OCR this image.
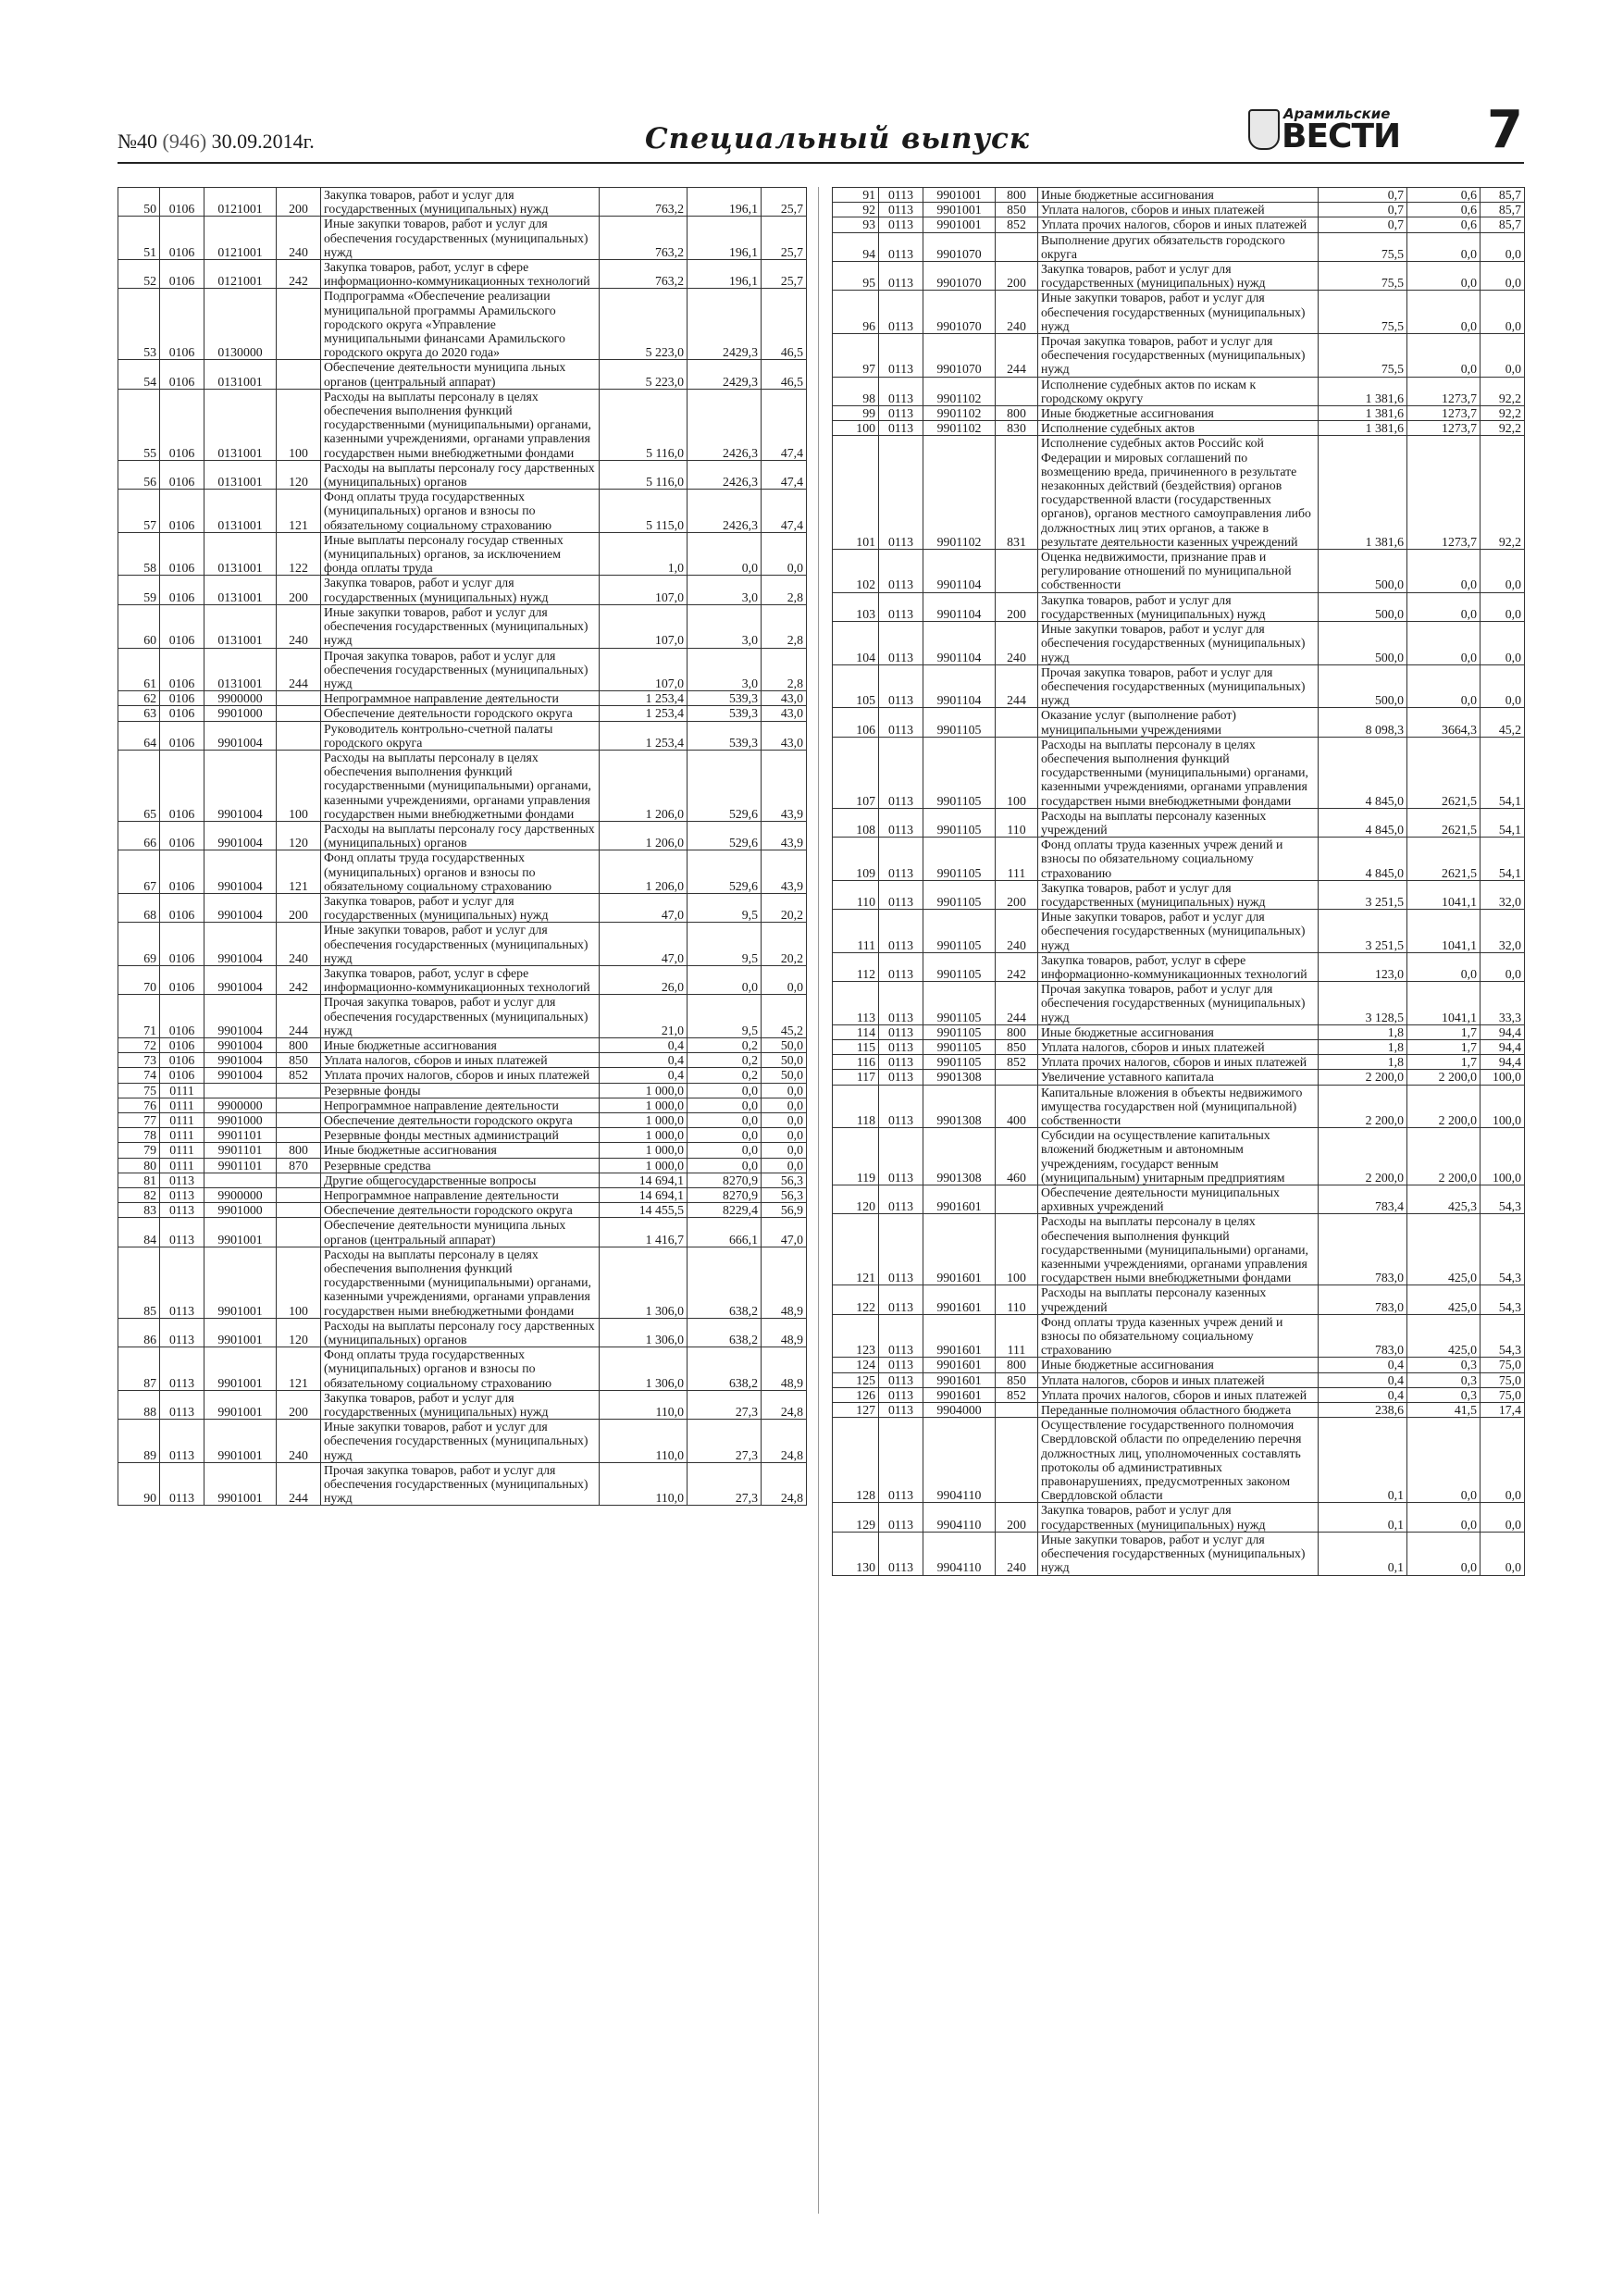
№40 (946) 30.09.2014г.	Специальный выпуск
Арамильские
ВЕСТИ 7
50	0106	0121001	200	Закупка товаров, работ и услуг для государственных (муниципальных) нужд	763,2	196,1	25,7
51	0106	0121001	240	Иные закупки товаров, работ и услуг для обеспечения государственных (муниципальных) нужд	763,2	196,1	25,7
52	0106	0121001	242	Закупка товаров, работ, услуг в сфере информационно-коммуникационных технологий	763,2	196,1	25,7
53	0106	0130000		Подпрограмма «Обеспечение реализации муниципальной программы Арамильского городского округа «Управление муниципальными финансами Арамильского городского округа до 2020 года»	5 223,0	2429,3	46,5
54	0106	0131001		Обеспечение деятельности муниципа льных органов (центральный аппарат)	5 223,0	2429,3	46,5
55	0106	0131001	100	Расходы на выплаты персоналу в целях обеспечения выполнения функций государственными (муниципальными) органами, казенными учреждениями, органами управления государствен ными внебюджетными фондами	5 116,0	2426,3	47,4
56	0106	0131001	120	Расходы на выплаты персоналу госу дарственных (муниципальных) органов	5 116,0	2426,3	47,4
57	0106	0131001	121	Фонд оплаты труда государственных (муниципальных) органов и взносы по обязательному социальному страхованию	5 115,0	2426,3	47,4
58	0106	0131001	122	Иные выплаты персоналу государ ственных (муниципальных) органов, за исключением фонда оплаты труда	1,0	0,0	0,0
59	0106	0131001	200	Закупка товаров, работ и услуг для государственных (муниципальных) нужд	107,0	3,0	2,8
60	0106	0131001	240	Иные закупки товаров, работ и услуг для обеспечения государственных (муниципальных) нужд	107,0	3,0	2,8
61	0106	0131001	244	Прочая закупка товаров, работ и услуг для обеспечения государственных (муниципальных) нужд	107,0	3,0	2,8
62	0106	9900000		Непрограммное направление деятельности	1 253,4	539,3	43,0
63	0106	9901000		Обеспечение деятельности городского округа	1 253,4	539,3	43,0
64	0106	9901004		Руководитель контрольно-счетной палаты городского округа	1 253,4	539,3	43,0
65	0106	9901004	100	Расходы на выплаты персоналу в целях обеспечения выполнения функций государственными (муниципальными) органами, казенными учреждениями, органами управления государствен ными внебюджетными фондами	1 206,0	529,6	43,9
66	0106	9901004	120	Расходы на выплаты персоналу госу дарственных (муниципальных) органов	1 206,0	529,6	43,9
67	0106	9901004	121	Фонд оплаты труда государственных (муниципальных) органов и взносы по обязательному социальному страхованию	1 206,0	529,6	43,9
68	0106	9901004	200	Закупка товаров, работ и услуг для государственных (муниципальных) нужд	47,0	9,5	20,2
69	0106	9901004	240	Иные закупки товаров, работ и услуг для обеспечения государственных (муниципальных) нужд	47,0	9,5	20,2
70	0106	9901004	242	Закупка товаров, работ, услуг в сфере информационно-коммуникационных технологий	26,0	0,0	0,0
71	0106	9901004	244	Прочая закупка товаров, работ и услуг для обеспечения государственных (муниципальных) нужд	21,0	9,5	45,2
72	0106	9901004	800	Иные бюджетные ассигнования	0,4	0,2	50,0
73	0106	9901004	850	Уплата налогов, сборов и иных платежей	0,4	0,2	50,0
74	0106	9901004	852	Уплата прочих налогов, сборов и иных платежей	0,4	0,2	50,0
75	0111			Резервные фонды	1 000,0	0,0	0,0
76	0111	9900000		Непрограммное направление деятельности	1 000,0	0,0	0,0
77	0111	9901000		Обеспечение деятельности городского округа	1 000,0	0,0	0,0
78	0111	9901101		Резервные фонды местных администраций	1 000,0	0,0	0,0
79	0111	9901101	800	Иные бюджетные ассигнования	1 000,0	0,0	0,0
80	0111	9901101	870	Резервные средства	1 000,0	0,0	0,0
81	0113			Другие общегосударственные вопросы	14 694,1	8270,9	56,3
82	0113	9900000		Непрограммное направление деятельности	14 694,1	8270,9	56,3
83	0113	9901000		Обеспечение деятельности городского округа	14 455,5	8229,4	56,9
84	0113	9901001		Обеспечение деятельности муниципа льных органов (центральный аппарат)	1 416,7	666,1	47,0
85	0113	9901001	100	Расходы на выплаты персоналу в целях обеспечения выполнения функций государственными (муниципальными) органами, казенными учреждениями, органами управления государствен ными внебюджетными фондами	1 306,0	638,2	48,9
86	0113	9901001	120	Расходы на выплаты персоналу госу дарственных (муниципальных) органов	1 306,0	638,2	48,9
87	0113	9901001	121	Фонд оплаты труда государственных (муниципальных) органов и взносы по обязательному социальному страхованию	1 306,0	638,2	48,9
88	0113	9901001	200	Закупка товаров, работ и услуг для государственных (муниципальных) нужд	110,0	27,3	24,8
89	0113	9901001	240	Иные закупки товаров, работ и услуг для обеспечения государственных (муниципальных) нужд	110,0	27,3	24,8
90	0113	9901001	244	Прочая закупка товаров, работ и услуг для обеспечения государственных (муниципальных) нужд	110,0	27,3	24,8
91	0113	9901001	800	Иные бюджетные ассигнования	0,7	0,6	85,7
92	0113	9901001	850	Уплата налогов, сборов и иных платежей	0,7	0,6	85,7
93	0113	9901001	852	Уплата прочих налогов, сборов и иных платежей	0,7	0,6	85,7
94	0113	9901070		Выполнение других обязательств городского округа	75,5	0,0	0,0
95	0113	9901070	200	Закупка товаров, работ и услуг для государственных (муниципальных) нужд	75,5	0,0	0,0
96	0113	9901070	240	Иные закупки товаров, работ и услуг для обеспечения государственных (муниципальных) нужд	75,5	0,0	0,0
97	0113	9901070	244	Прочая закупка товаров, работ и услуг для обеспечения государственных (муниципальных) нужд	75,5	0,0	0,0
98	0113	9901102		Исполнение судебных актов по искам к городскому округу	1 381,6	1273,7	92,2
99	0113	9901102	800	Иные бюджетные ассигнования	1 381,6	1273,7	92,2
100	0113	9901102	830	Исполнение судебных актов	1 381,6	1273,7	92,2
101	0113	9901102	831	Исполнение судебных актов Российс кой Федерации и мировых соглашений по возмещению вреда, причиненного в результате незаконных действий (бездействия) органов государственной власти (государственных органов), органов местного самоуправления либо должностных лиц этих органов, а также в результате деятельности казенных учреждений	1 381,6	1273,7	92,2
102	0113	9901104		Оценка недвижимости, признание прав и регулирование отношений по муниципальной собственности	500,0	0,0	0,0
103	0113	9901104	200	Закупка товаров, работ и услуг для государственных (муниципальных) нужд	500,0	0,0	0,0
104	0113	9901104	240	Иные закупки товаров, работ и услуг для обеспечения государственных (муниципальных) нужд	500,0	0,0	0,0
105	0113	9901104	244	Прочая закупка товаров, работ и услуг для обеспечения государственных (муниципальных) нужд	500,0	0,0	0,0
106	0113	9901105		Оказание услуг (выполнение работ) муниципальными учреждениями	8 098,3	3664,3	45,2
107	0113	9901105	100	Расходы на выплаты персоналу в целях обеспечения выполнения функций государственными (муниципальными) органами, казенными учреждениями, органами управления государствен ными внебюджетными фондами	4 845,0	2621,5	54,1
108	0113	9901105	110	Расходы на выплаты персоналу казенных учреждений	4 845,0	2621,5	54,1
109	0113	9901105	111	Фонд оплаты труда казенных учреж дений и взносы по обязательному социальному страхованию	4 845,0	2621,5	54,1
110	0113	9901105	200	Закупка товаров, работ и услуг для государственных (муниципальных) нужд	3 251,5	1041,1	32,0
111	0113	9901105	240	Иные закупки товаров, работ и услуг для обеспечения государственных (муниципальных) нужд	3 251,5	1041,1	32,0
112	0113	9901105	242	Закупка товаров, работ, услуг в сфере информационно-коммуникационных технологий	123,0	0,0	0,0
113	0113	9901105	244	Прочая закупка товаров, работ и услуг для обеспечения государственных (муниципальных) нужд	3 128,5	1041,1	33,3
114	0113	9901105	800	Иные бюджетные ассигнования	1,8	1,7	94,4
115	0113	9901105	850	Уплата налогов, сборов и иных платежей	1,8	1,7	94,4
116	0113	9901105	852	Уплата прочих налогов, сборов и иных платежей	1,8	1,7	94,4
117	0113	9901308		Увеличение уставного капитала	2 200,0	2 200,0	100,0
118	0113	9901308	400	Капитальные вложения в объекты недвижимого имущества государствен ной (муниципальной) собственности	2 200,0	2 200,0	100,0
119	0113	9901308	460	Субсидии на осуществление капитальных вложений бюджетным и автономным учреждениям, государст венным (муниципальным) унитарным предприятиям	2 200,0	2 200,0	100,0
120	0113	9901601		Обеспечение деятельности муниципальных архивных учреждений	783,4	425,3	54,3
121	0113	9901601	100	Расходы на выплаты персоналу в целях обеспечения выполнения функций государственными (муниципальными) органами, казенными учреждениями, органами управления государствен ными внебюджетными фондами	783,0	425,0	54,3
122	0113	9901601	110	Расходы на выплаты персоналу казенных учреждений	783,0	425,0	54,3
123	0113	9901601	111	Фонд оплаты труда казенных учреж дений и взносы по обязательному социальному страхованию	783,0	425,0	54,3
124	0113	9901601	800	Иные бюджетные ассигнования	0,4	0,3	75,0
125	0113	9901601	850	Уплата налогов, сборов и иных платежей	0,4	0,3	75,0
126	0113	9901601	852	Уплата прочих налогов, сборов и иных платежей	0,4	0,3	75,0
127	0113	9904000		Переданные полномочия областного бюджета	238,6	41,5	17,4
128	0113	9904110		Осуществление государственного полномочия Свердловской области по определению перечня должностных лиц, уполномоченных составлять протоколы об административных правонарушениях, предусмотренных законом Свердловской области	0,1	0,0	0,0
129	0113	9904110	200	Закупка товаров, работ и услуг для государственных (муниципальных) нужд	0,1	0,0	0,0
130	0113	9904110	240	Иные закупки товаров, работ и услуг для обеспечения государственных (муниципальных) нужд	0,1	0,0	0,0
